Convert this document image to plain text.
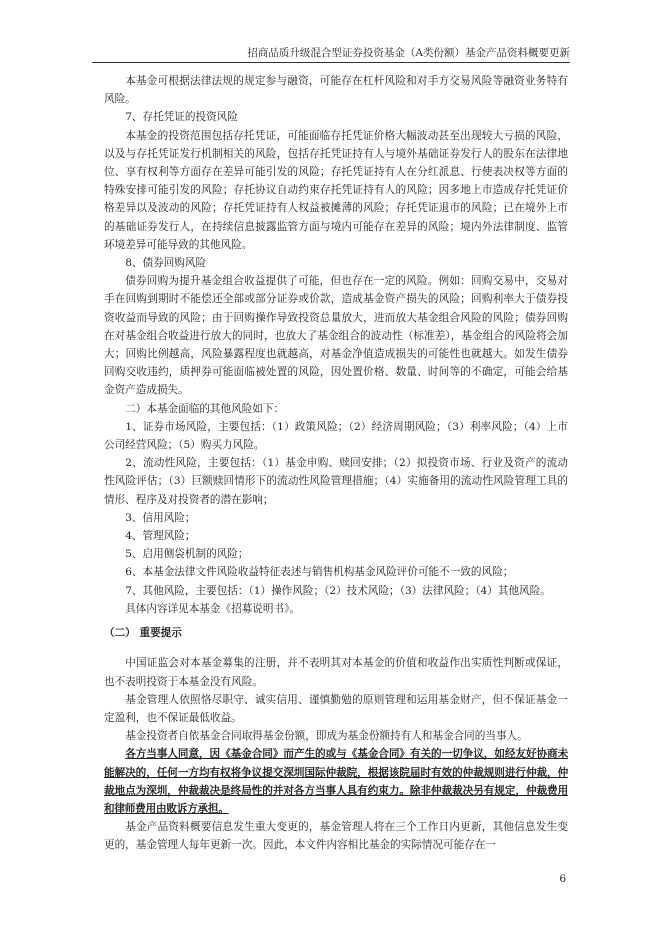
招商品质升级混合型证券投资基金（A类份额）基金产品资料概要更新

本基金可根据法律法规的规定参与融资，可能存在杠杆风险和对手方交易风险等融资业务特有风险。

7、存托凭证的投资风险

本基金的投资范围包括存托凭证，可能面临存托凭证价格大幅波动甚至出现较大亏损的风险，以及与存托凭证发行机制相关的风险，包括存托凭证持有人与境外基础证券发行人的股东在法律地位、享有权利等方面存在差异可能引发的风险；存托凭证持有人在分红派息、行使表决权等方面的特殊安排可能引发的风险；存托协议自动约束存托凭证持有人的风险；因多地上市造成存托凭证价格差异以及波动的风险；存托凭证持有人权益被摊薄的风险；存托凭证退市的风险；已在境外上市的基础证券发行人，在持续信息披露监管方面与境内可能存在差异的风险；境内外法律制度、监管环境差异可能导致的其他风险。

8、债券回购风险

债券回购为提升基金组合收益提供了可能，但也存在一定的风险。例如：回购交易中，交易对手在回购到期时不能偿还全部或部分证券或价款，造成基金资产损失的风险；回购利率大于债券投资收益而导致的风险；由于回购操作导致投资总量放大，进而放大基金组合风险的风险；债券回购在对基金组合收益进行放大的同时，也放大了基金组合的波动性（标准差），基金组合的风险将会加大；回购比例越高，风险暴露程度也就越高，对基金净值造成损失的可能性也就越大。如发生债券回购交收违约，质押券可能面临被处置的风险，因处置价格、数量、时间等的不确定，可能会给基金资产造成损失。

二）本基金面临的其他风险如下：

1、证券市场风险，主要包括：（1）政策风险；（2）经济周期风险；（3）利率风险；（4）上市公司经营风险；（5）购买力风险。

2、流动性风险，主要包括：（1）基金申购、赎回安排；（2）拟投资市场、行业及资产的流动性风险评估；（3）巨额赎回情形下的流动性风险管理措施；（4）实施备用的流动性风险管理工具的情形、程序及对投资者的潜在影响；

3、信用风险；

4、管理风险；

5、启用侧袋机制的风险；

6、本基金法律文件风险收益特征表述与销售机构基金风险评价可能不一致的风险；

7、其他风险，主要包括：（1）操作风险；（2）技术风险；（3）法律风险；（4）其他风险。

具体内容详见本基金《招募说明书》。

（二） 重要提示

中国证监会对本基金募集的注册，并不表明其对本基金的价值和收益作出实质性判断或保证，也不表明投资于本基金没有风险。

基金管理人依照恪尽职守、诚实信用、谨慎勤勉的原则管理和运用基金财产，但不保证基金一定盈利，也不保证最低收益。

基金投资者自依基金合同取得基金份额，即成为基金份额持有人和基金合同的当事人。

各方当事人同意，因《基金合同》而产生的或与《基金合同》有关的一切争议，如经友好协商未能解决的，任何一方均有权将争议提交深圳国际仲裁院，根据该院届时有效的仲裁规则进行仲裁，仲裁地点为深圳，仲裁裁决是终局性的并对各方当事人具有约束力。除非仲裁裁决另有规定，仲裁费用和律师费用由败诉方承担。

基金产品资料概要信息发生重大变更的，基金管理人将在三个工作日内更新，其他信息发生变更的，基金管理人每年更新一次。因此，本文件内容相比基金的实际情况可能存在一

6
